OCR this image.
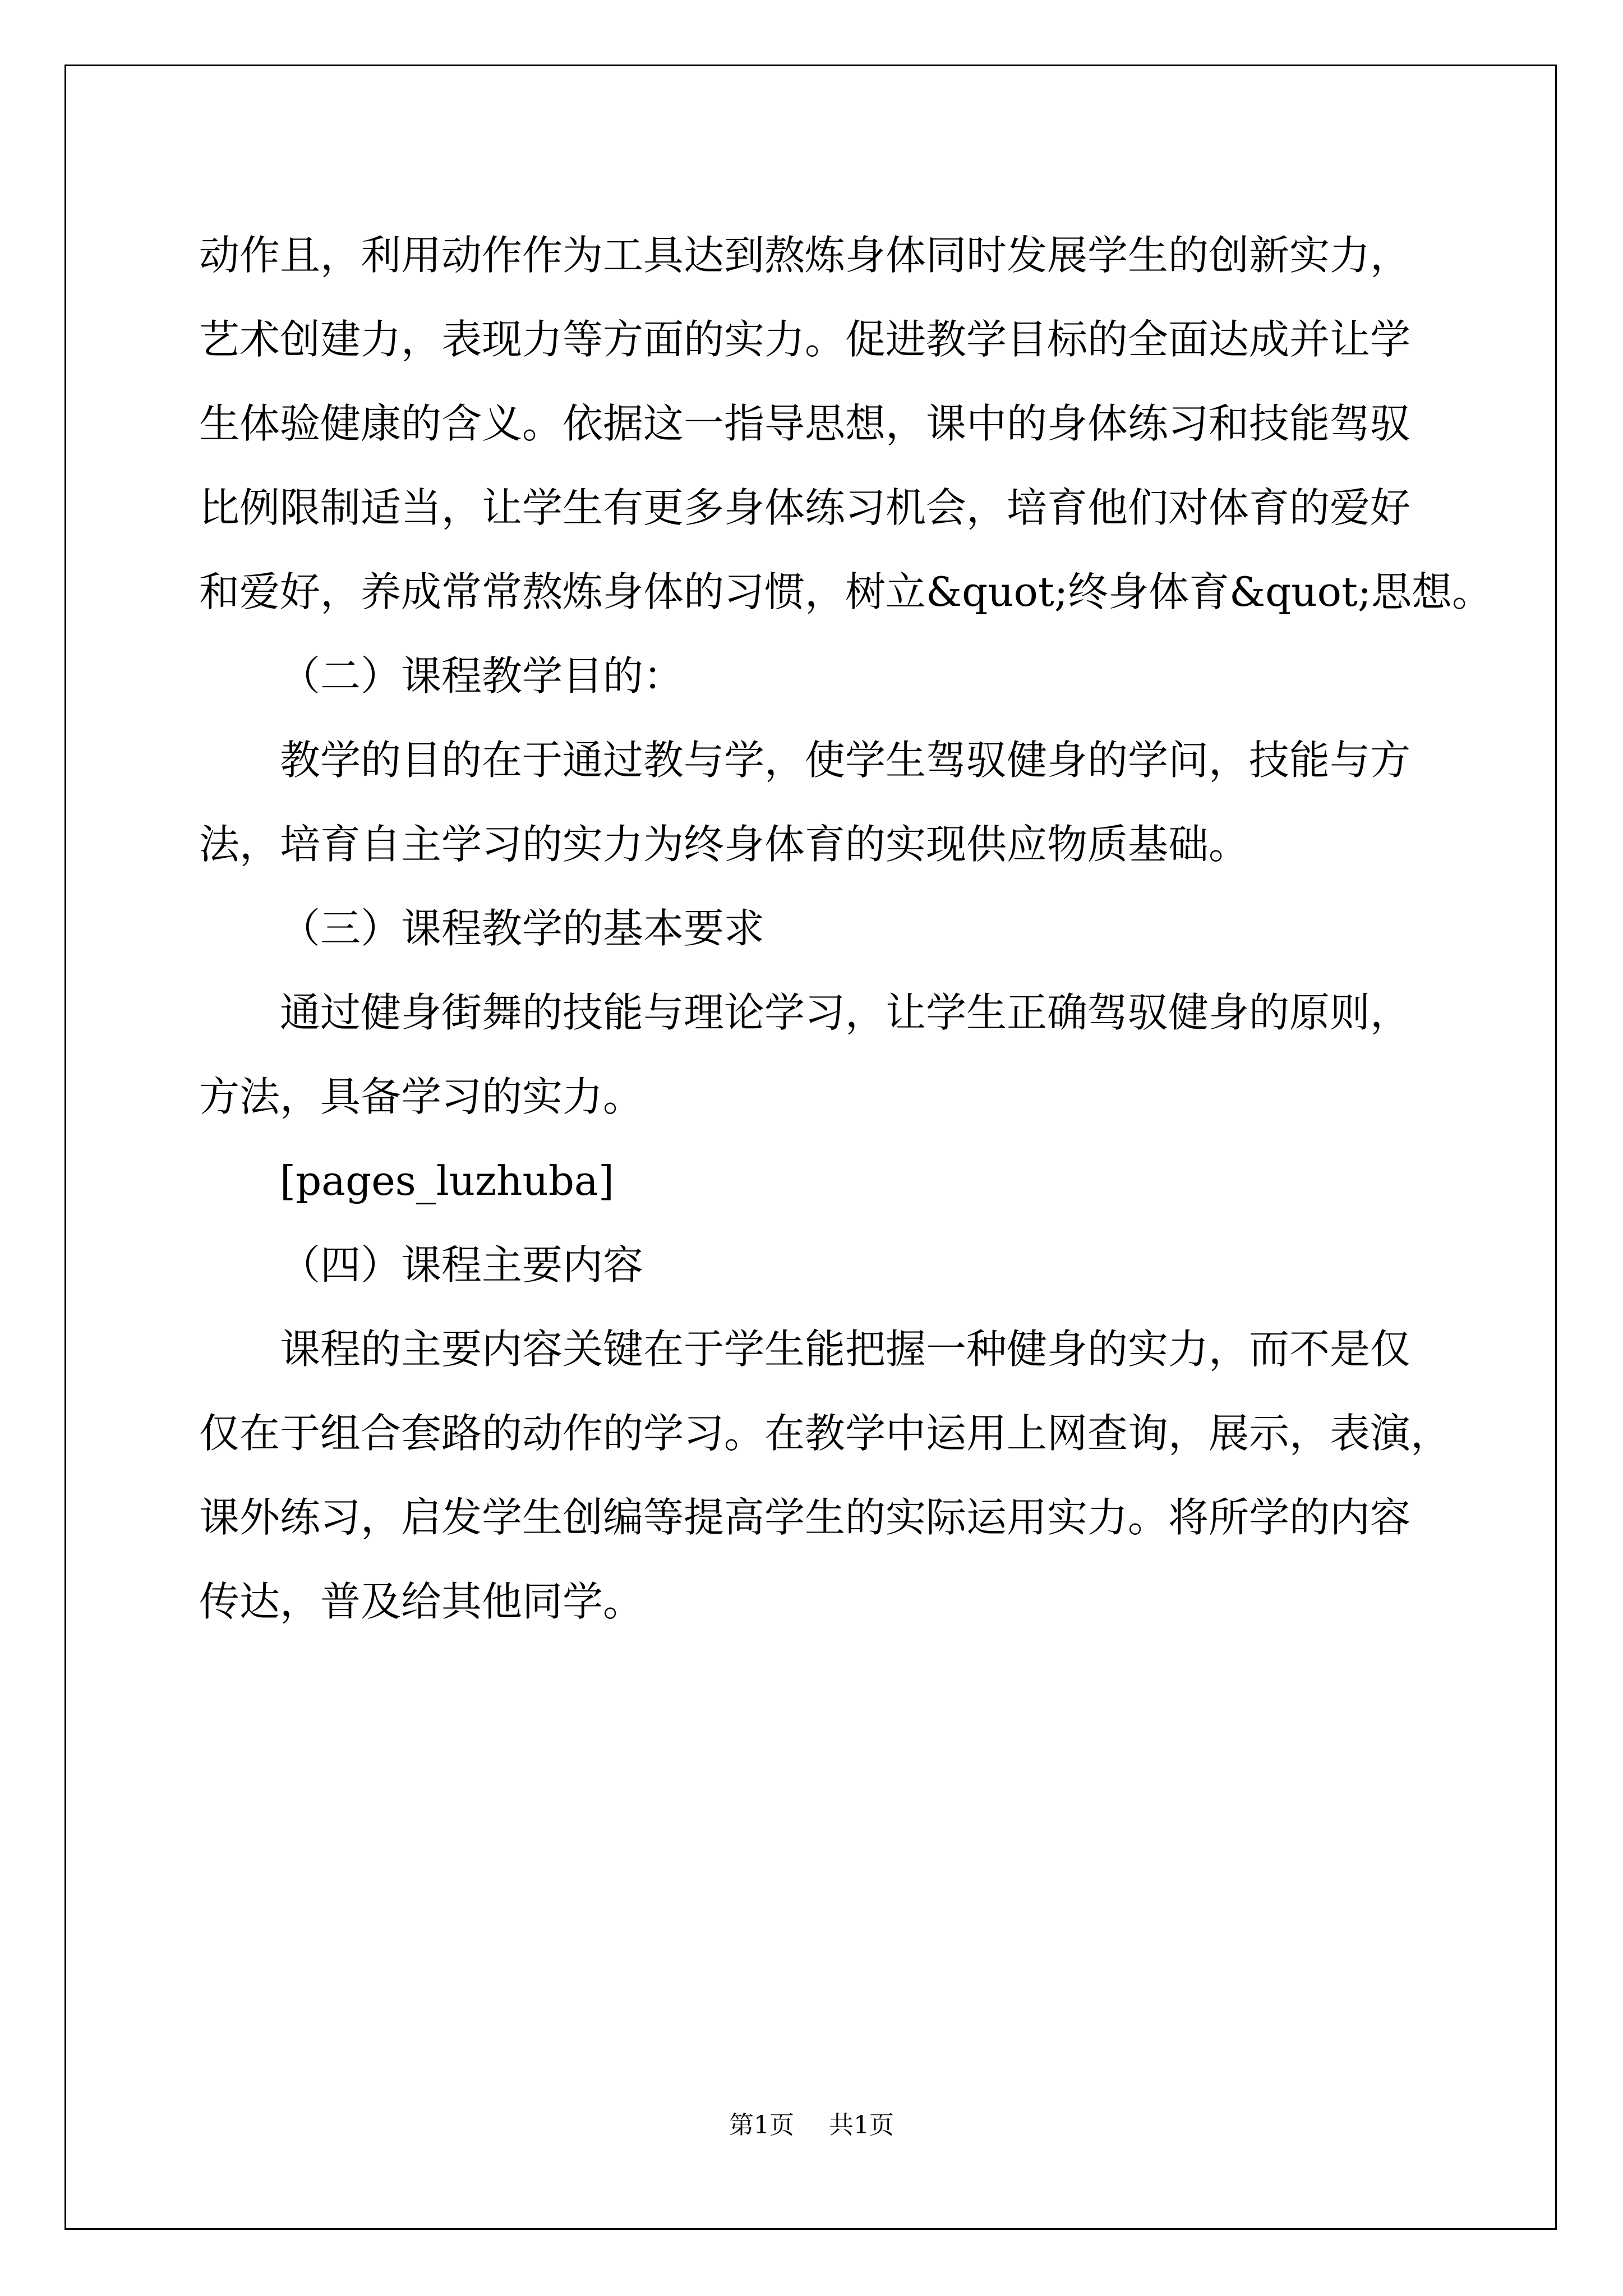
动作且，利用动作作为工具达到熬炼身体同时发展学生的创新实力，
艺术创建力，表现力等方面的实力。促进教学目标的全面达成并让学
生体验健康的含义。依据这一指导思想，课中的身体练习和技能驾驭
比例限制适当，让学生有更多身体练习机会，培育他们对体育的爱好
和爱好，养成常常熬炼身体的习惯，树立&quot;终身体育&quot;思想。
（二）课程教学目的：
教学的目的在于通过教与学，使学生驾驭健身的学问，技能与方
法，培育自主学习的实力为终身体育的实现供应物质基础。
（三）课程教学的基本要求
通过健身街舞的技能与理论学习，让学生正确驾驭健身的原则，
方法，具备学习的实力。
[pages_luzhuba]
（四）课程主要内容
课程的主要内容关键在于学生能把握一种健身的实力，而不是仅
仅在于组合套路的动作的学习。在教学中运用上网查询，展示，表演，
课外练习，启发学生创编等提高学生的实际运用实力。将所学的内容
传达，普及给其他同学。
第1页 共1页
